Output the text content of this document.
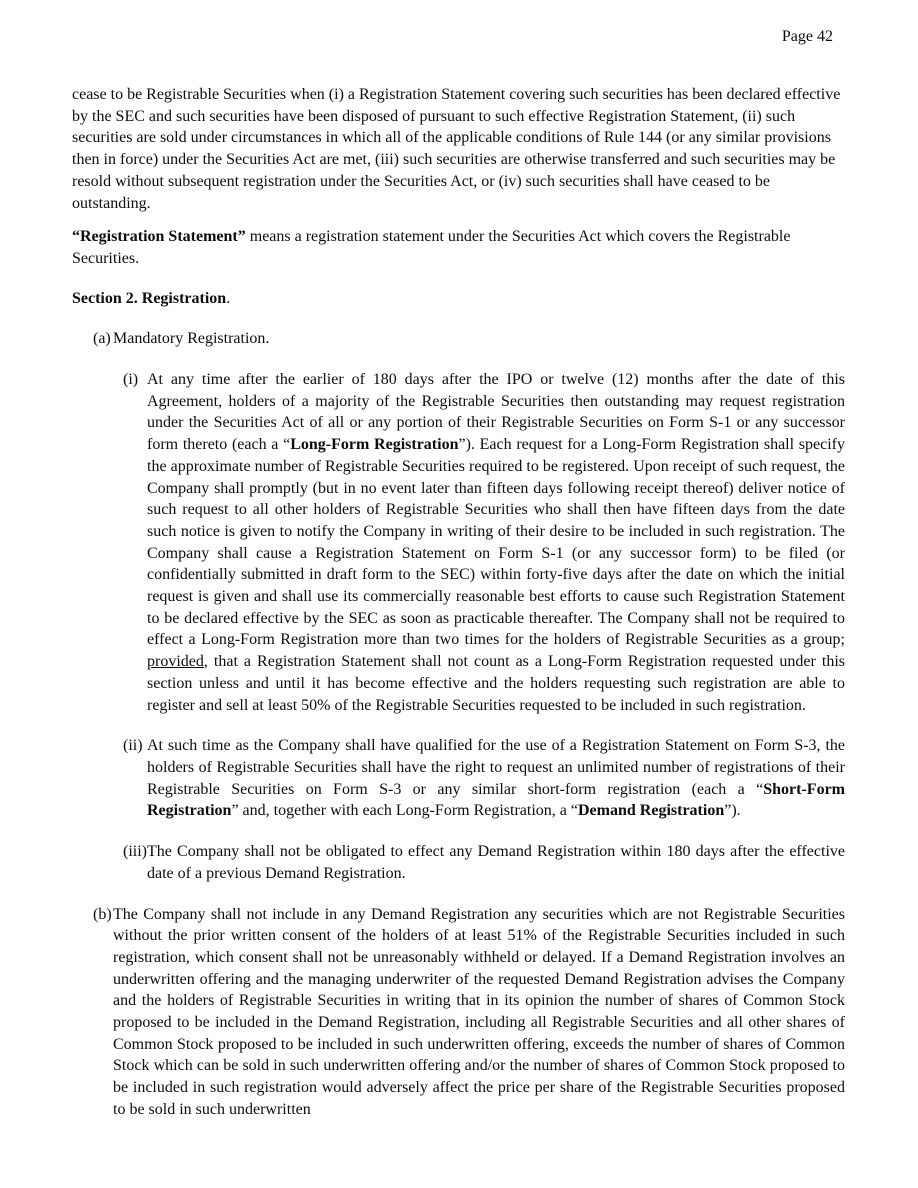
Page 42

cease to be Registrable Securities when (i) a Registration Statement covering such securities has been declared effective by the SEC and such securities have been disposed of pursuant to such effective Registration Statement, (ii) such securities are sold under circumstances in which all of the applicable conditions of Rule 144 (or any similar provisions then in force) under the Securities Act are met, (iii) such securities are otherwise transferred and such securities may be resold without subsequent registration under the Securities Act, or (iv) such securities shall have ceased to be outstanding.

“Registration Statement” means a registration statement under the Securities Act which covers the Registrable Securities.

Section 2. Registration.

(a) Mandatory Registration.
(i) At any time after the earlier of 180 days after the IPO or twelve (12) months after the date of this Agreement, holders of a majority of the Registrable Securities then outstanding may request registration under the Securities Act of all or any portion of their Registrable Securities on Form S-1 or any successor form thereto (each a “Long-Form Registration”). Each request for a Long-Form Registration shall specify the approximate number of Registrable Securities required to be registered. Upon receipt of such request, the Company shall promptly (but in no event later than fifteen days following receipt thereof) deliver notice of such request to all other holders of Registrable Securities who shall then have fifteen days from the date such notice is given to notify the Company in writing of their desire to be included in such registration. The Company shall cause a Registration Statement on Form S-1 (or any successor form) to be filed (or confidentially submitted in draft form to the SEC) within forty-five days after the date on which the initial request is given and shall use its commercially reasonable best efforts to cause such Registration Statement to be declared effective by the SEC as soon as practicable thereafter. The Company shall not be required to effect a Long-Form Registration more than two times for the holders of Registrable Securities as a group; provided, that a Registration Statement shall not count as a Long-Form Registration requested under this section unless and until it has become effective and the holders requesting such registration are able to register and sell at least 50% of the Registrable Securities requested to be included in such registration.
(ii) At such time as the Company shall have qualified for the use of a Registration Statement on Form S-3, the holders of Registrable Securities shall have the right to request an unlimited number of registrations of their Registrable Securities on Form S-3 or any similar short-form registration (each a “Short-Form Registration” and, together with each Long-Form Registration, a “Demand Registration”).
(iii) The Company shall not be obligated to effect any Demand Registration within 180 days after the effective date of a previous Demand Registration.
(b) The Company shall not include in any Demand Registration any securities which are not Registrable Securities without the prior written consent of the holders of at least 51% of the Registrable Securities included in such registration, which consent shall not be unreasonably withheld or delayed. If a Demand Registration involves an underwritten offering and the managing underwriter of the requested Demand Registration advises the Company and the holders of Registrable Securities in writing that in its opinion the number of shares of Common Stock proposed to be included in the Demand Registration, including all Registrable Securities and all other shares of Common Stock proposed to be included in such underwritten offering, exceeds the number of shares of Common Stock which can be sold in such underwritten offering and/or the number of shares of Common Stock proposed to be included in such registration would adversely affect the price per share of the Registrable Securities proposed to be sold in such underwritten
